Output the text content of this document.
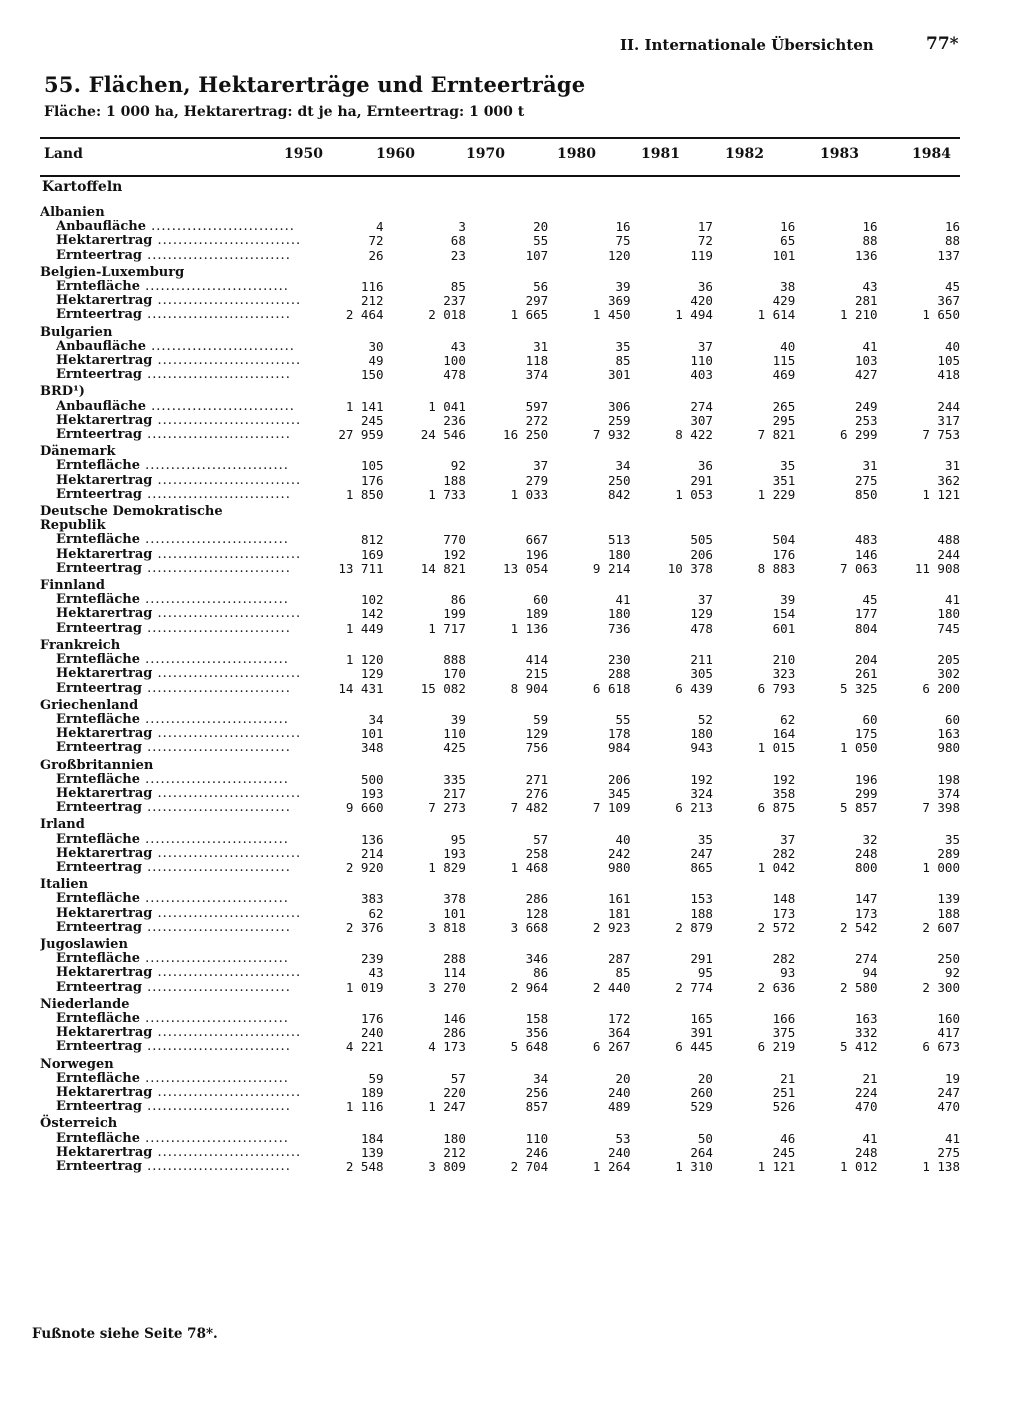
II. Internationale Übersichten	77*
55. Flächen, Hektarerträge und Ernteerträge
Fläche: 1 000 ha, Hektarertrag: dt je ha, Ernteertrag: 1 000 t
Land	1950	1960	1970	1980	1981	1982	1983	1984
Kartoffeln
Albanien								
Anbaufläche ............................	4	3	20	16	17	16	16	16
Hektarertrag ............................	72	68	55	75	72	65	88	88
Ernteertrag ............................	26	23	107	120	119	101	136	137
Belgien-Luxemburg								
Erntefläche ............................	116	85	56	39	36	38	43	45
Hektarertrag ............................	212	237	297	369	420	429	281	367
Ernteertrag ............................	2 464	2 018	1 665	1 450	1 494	1 614	1 210	1 650
Bulgarien								
Anbaufläche ............................	30	43	31	35	37	40	41	40
Hektarertrag ............................	49	100	118	85	110	115	103	105
Ernteertrag ............................	150	478	374	301	403	469	427	418
BRD¹)								
Anbaufläche ............................	1 141	1 041	597	306	274	265	249	244
Hektarertrag ............................	245	236	272	259	307	295	253	317
Ernteertrag ............................	27 959	24 546	16 250	7 932	8 422	7 821	6 299	7 753
Dänemark								
Erntefläche ............................	105	92	37	34	36	35	31	31
Hektarertrag ............................	176	188	279	250	291	351	275	362
Ernteertrag ............................	1 850	1 733	1 033	842	1 053	1 229	850	1 121
Deutsche Demokratische								
Republik								
Erntefläche ............................	812	770	667	513	505	504	483	488
Hektarertrag ............................	169	192	196	180	206	176	146	244
Ernteertrag ............................	13 711	14 821	13 054	9 214	10 378	8 883	7 063	11 908
Finnland								
Erntefläche ............................	102	86	60	41	37	39	45	41
Hektarertrag ............................	142	199	189	180	129	154	177	180
Ernteertrag ............................	1 449	1 717	1 136	736	478	601	804	745
Frankreich								
Erntefläche ............................	1 120	888	414	230	211	210	204	205
Hektarertrag ............................	129	170	215	288	305	323	261	302
Ernteertrag ............................	14 431	15 082	8 904	6 618	6 439	6 793	5 325	6 200
Griechenland								
Erntefläche ............................	34	39	59	55	52	62	60	60
Hektarertrag ............................	101	110	129	178	180	164	175	163
Ernteertrag ............................	348	425	756	984	943	1 015	1 050	980
Großbritannien								
Erntefläche ............................	500	335	271	206	192	192	196	198
Hektarertrag ............................	193	217	276	345	324	358	299	374
Ernteertrag ............................	9 660	7 273	7 482	7 109	6 213	6 875	5 857	7 398
Irland								
Erntefläche ............................	136	95	57	40	35	37	32	35
Hektarertrag ............................	214	193	258	242	247	282	248	289
Ernteertrag ............................	2 920	1 829	1 468	980	865	1 042	800	1 000
Italien								
Erntefläche ............................	383	378	286	161	153	148	147	139
Hektarertrag ............................	62	101	128	181	188	173	173	188
Ernteertrag ............................	2 376	3 818	3 668	2 923	2 879	2 572	2 542	2 607
Jugoslawien								
Erntefläche ............................	239	288	346	287	291	282	274	250
Hektarertrag ............................	43	114	86	85	95	93	94	92
Ernteertrag ............................	1 019	3 270	2 964	2 440	2 774	2 636	2 580	2 300
Niederlande								
Erntefläche ............................	176	146	158	172	165	166	163	160
Hektarertrag ............................	240	286	356	364	391	375	332	417
Ernteertrag ............................	4 221	4 173	5 648	6 267	6 445	6 219	5 412	6 673
Norwegen								
Erntefläche ............................	59	57	34	20	20	21	21	19
Hektarertrag ............................	189	220	256	240	260	251	224	247
Ernteertrag ............................	1 116	1 247	857	489	529	526	470	470
Österreich								
Erntefläche ............................	184	180	110	53	50	46	41	41
Hektarertrag ............................	139	212	246	240	264	245	248	275
Ernteertrag ............................	2 548	3 809	2 704	1 264	1 310	1 121	1 012	1 138
Fußnote siehe Seite 78*.
